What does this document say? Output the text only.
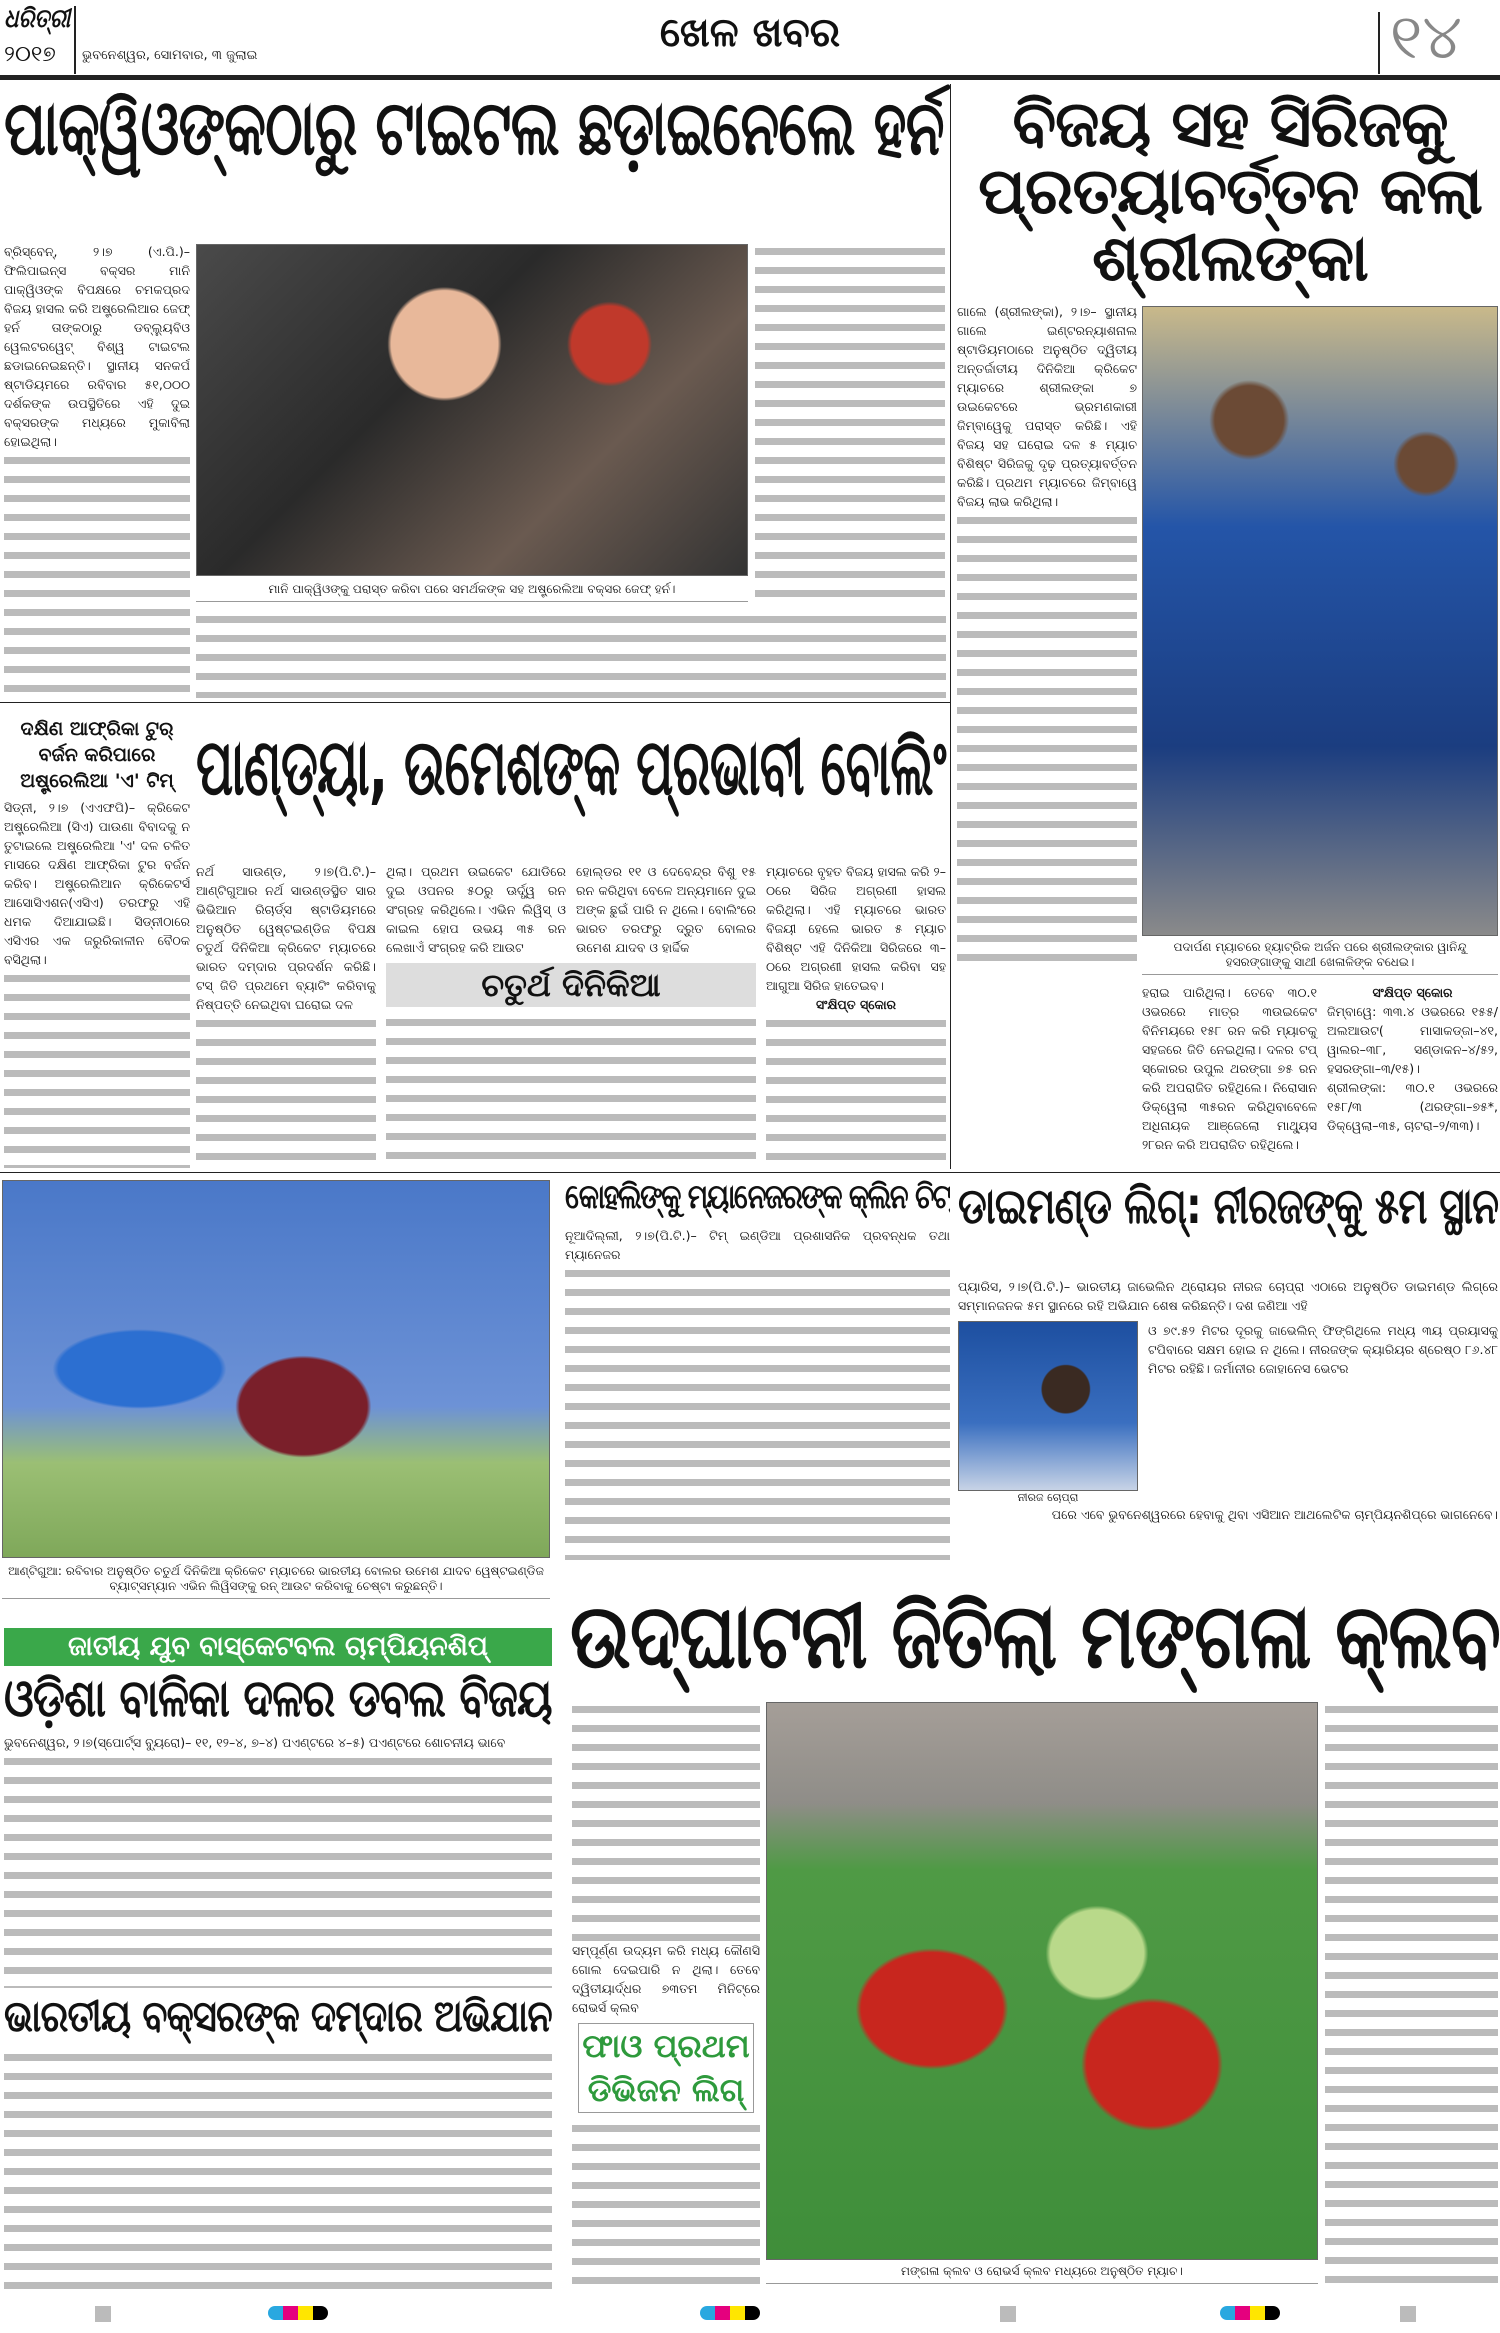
ଧରିତ୍ରୀ
୨୦୧୭	ଭୁବନେଶ୍ୱର, ସୋମବାର, ୩ ଜୁଲାଇ	ଖେଳ ଖବର	୧୪
ପାକ୍ୱିଓଙ୍କଠାରୁ ଟାଇଟଲ ଛଡ଼ାଇନେଲେ ହର୍ନ
ବ୍ରିସ୍‌ବେନ୍‌, ୨।୭ (ଏ.ପି.)– ଫିଲିପାଇନ୍ସ ବକ୍ସର ମାନି ପାକ୍ୱିଓଙ୍କ ବିପକ୍ଷରେ ଚମକପ୍ରଦ ବିଜୟ ହାସଲ କରି ଅଷ୍ଟ୍ରେଲିଆର ଜେଫ୍‌ ହର୍ନ ତାଙ୍କଠାରୁ ଡବ୍ଲ୍ୟୁବିଓ ୱେଲଟରୱେଟ୍‌ ବିଶ୍ୱ ଟାଇଟଲ ଛଡାଇନେଇଛନ୍ତି। ସ୍ଥାନୀୟ ସନକର୍ପ ଷ୍ଟାଡିୟମରେ ରବିବାର ୫୧,୦୦୦ ଦର୍ଶକଙ୍କ ଉପସ୍ଥିତିରେ ଏହି ଦୁଇ ବକ୍ସରଙ୍କ ମଧ୍ୟରେ ମୁକାବିଲା ହୋଇଥିଲା।
ମାନି ପାକ୍ୱିଓଙ୍କୁ ପରାସ୍ତ କରିବା ପରେ ସମର୍ଥକଙ୍କ ସହ ଅଷ୍ଟ୍ରେଲିଆ ବକ୍ସର ଜେଫ୍‌ ହର୍ନ।
ବିଜୟ ସହ ସିରିଜକୁ ପ୍ରତ୍ୟାବର୍ତ୍ତନ କଲା ଶ୍ରୀଲଙ୍କା
ଗାଲେ (ଶ୍ରୀଲଙ୍କା), ୨।୭– ସ୍ଥାନୀୟ ଗାଲେ ଇଣ୍ଟରନ୍ୟାଶନାଲ ଷ୍ଟାଡିୟମଠାରେ ଅନୁଷ୍ଠିତ ଦ୍ୱିତୀୟ ଅନ୍ତର୍ଜାତୀୟ ଦିନିକିଆ କ୍ରିକେଟ ମ୍ୟାଚରେ ଶ୍ରୀଲଙ୍କା ୭ ଉଇକେଟରେ ଭ୍ରମଣକାରୀ ଜିମ୍ବାୱେକୁ ପରାସ୍ତ କରିଛି। ଏହି ବିଜୟ ସହ ଘରୋଇ ଦଳ ୫ ମ୍ୟାଚ ବିଶିଷ୍ଟ ସିରିଜକୁ ଦୃଢ଼ ପ୍ରତ୍ୟାବର୍ତ୍ତନ କରିଛି। ପ୍ରଥମ ମ୍ୟାଚରେ ଜିମ୍ବାୱେ ବିଜୟ ଲାଭ କରିଥିଲା।
ପଦାର୍ପଣ ମ୍ୟାଚରେ ହ୍ୟାଟ୍ରିକ ଅର୍ଜନ ପରେ ଶ୍ରୀଲଙ୍କାର ୱାନିନ୍ଦୁ ହସରଙ୍ଗାଙ୍କୁ ସାଥୀ ଖେଳାଳିଙ୍କ ବଧେଇ।
ହରାଇ ପାରିଥିଲା। ତେବେ ୩୦.୧ ଓଭରରେ ମାତ୍ର ୩ଉଇକେଟ ବିନିମୟରେ ୧୫୮ ରନ କରି ମ୍ୟାଚକୁ ସହଜରେ ଜିତି ନେଇଥିଲା। ଦଳର ଟପ୍‌ ସ୍କୋରର ଉପୁଲ ଥରଙ୍ଗା ୭୫ ରନ କରି ଅପରାଜିତ ରହିଥିଲେ। ନିରୋସାନ ଡିକ୍‌ୱେଲା ୩୫ରନ କରିଥିବାବେଳେ ଅଧିନାୟକ ଆଞ୍ଜେଲୋ ମାଥ୍ୟୁସ ୨୮ରନ କରି ଅପରାଜିତ ରହିଥିଲେ।
ସଂକ୍ଷିପ୍ତ ସ୍କୋର
ଜିମ୍ବାୱେ: ୩୩.୪ ଓଭରରେ ୧୫୫/ ଅଲଆଉଟ( ମାସାକଡ୍‌ଜା–୪୧, ୱାଲର–୩୮, ସଣ୍ଡାକନ–୪/୫୨, ହସରଙ୍ଗା–୩/୧୫)।
ଶ୍ରୀଲଙ୍କା: ୩୦.୧ ଓଭରରେ ୧୫୮/୩ (ଥରଙ୍ଗା–୭୫*, ଡିକ୍‌ୱେଲା–୩୫, ଚାଟରା–୨/୩୩)।
ଦକ୍ଷିଣ ଆଫ୍ରିକା ଟୁର୍‌ ବର୍ଜନ କରିପାରେ ଅଷ୍ଟ୍ରେଲିଆ 'ଏ' ଟିମ୍‌
ସିଡ୍‌ନୀ, ୨।୭ (ଏଏଫପି)– କ୍ରିକେଟ ଅଷ୍ଟ୍ରେଲିଆ (ସିଏ) ପାଉଣା ବିବାଦକୁ ନ ତୁଟାଇଲେ ଅଷ୍ଟ୍ରେଲିଆ 'ଏ' ଦଳ ଚଳିତ ମାସରେ ଦକ୍ଷିଣ ଆଫ୍ରିକା ଟୁର ବର୍ଜନ କରିବ। ଅଷ୍ଟ୍ରେଲିଆନ କ୍ରିକେଟର୍ସ ଆସୋସିଏଶନ(ଏସିଏ) ତରଫରୁ ଏହି ଧମକ ଦିଆଯାଇଛି। ସିଡ୍‌ନୀଠାରେ ଏସିଏର ଏକ ଜରୁରିକାଳୀନ ବୈଠକ ବସିଥିଲା।
ପାଣ୍ଡ୍ୟା, ଉମେଶଙ୍କ ପ୍ରଭାବୀ ବୋଲିଂ
ନର୍ଥ ସାଉଣ୍ଡ, ୨।୭(ପି.ଟି.)– ଆଣ୍ଟିଗୁଆର ନର୍ଥ ସାଉଣ୍ଡସ୍ଥିତ ସାର ଭିଭିଆନ ରିଚାର୍ଡ୍ସ ଷ୍ଟାଡିୟମରେ ଅନୁଷ୍ଠିତ ୱେଷ୍ଟଇଣ୍ଡିଜ ବିପକ୍ଷ ଚତୁର୍ଥ ଦିନିକିଆ କ୍ରିକେଟ ମ୍ୟାଚରେ ଭାରତ ଦମ୍ଦାର ପ୍ରଦର୍ଶନ କରିଛି। ଟସ୍‌ ଜିତି ପ୍ରଥମେ ବ୍ୟାଟିଂ କରିବାକୁ ନିଷ୍ପତ୍ତି ନେଇଥିବା ଘରୋଇ ଦଳ
ଥିଲା। ପ୍ରଥମ ଉଇକେଟ ଯୋଡିରେ ଦୁଇ ଓପନର ୫୦ରୁ ଊର୍ଦ୍ଧ୍ୱ ରନ ସଂଗ୍ରହ କରିଥିଲେ। ଏଭିନ ଲିୱିସ୍‌ ଓ କାଇଲ ହୋପ ଉଭୟ ୩୫ ରନ ଲେଖାଏଁ ସଂଗ୍ରହ କରି ଆଉଟ
ହୋଲ୍ଡର ୧୧ ଓ ଦେବେନ୍ଦ୍ର ବିଶୁ ୧୫ ରନ କରିଥିବା ବେଳେ ଅନ୍ୟମାନେ ଦୁଇ ଅଙ୍କ ଛୁଇଁ ପାରି ନ ଥିଲେ। ବୋଲିଂରେ ଭାରତ ତରଫରୁ ଦ୍ରୁତ ବୋଲର ଉମେଶ ଯାଦବ ଓ ହାର୍ଦ୍ଦିକ
ଚତୁର୍ଥ ଦିନିକିଆ
ମ୍ୟାଚରେ ବୃହତ ବିଜୟ ହାସଲ କରି ୨–୦ରେ ସିରିଜ ଅଗ୍ରଣୀ ହାସଲ କରିଥିଲା। ଏହି ମ୍ୟାଚରେ ଭାରତ ବିଜୟୀ ହେଲେ ଭାରତ ୫ ମ୍ୟାଚ ବିଶିଷ୍ଟ ଏହି ଦିନିକିଆ ସିରିଜରେ ୩–୦ରେ ଅଗ୍ରଣୀ ହାସଲ କରିବା ସହ ଆଗୁଆ ସିରିଜ ହାତେଇବ।
ସଂକ୍ଷିପ୍ତ ସ୍କୋର
ଆଣ୍ଟିଗୁଆ: ରବିବାର ଅନୁଷ୍ଠିତ ଚତୁର୍ଥ ଦିନିକିଆ କ୍ରିକେଟ ମ୍ୟାଚରେ ଭାରତୀୟ ବୋଲର ଉମେଶ ଯାଦବ ୱେଷ୍ଟଇଣ୍ଡିଜ ବ୍ୟାଟ୍ସମ୍ୟାନ ଏଭିନ ଲିୱିସଙ୍କୁ ରନ୍‌ ଆଉଟ କରିବାକୁ ଚେଷ୍ଟା କରୁଛନ୍ତି।
କୋହଲିଙ୍କୁ ମ୍ୟାନେଜରଙ୍କ କ୍ଲିନ ଚିଟ୍‌
ନୂଆଦିଲ୍ଲୀ, ୨।୭(ପି.ଟି.)– ଟିମ୍‌ ଇଣ୍ଡିଆ ପ୍ରଶାସନିକ ପ୍ରବନ୍ଧକ ତଥା ମ୍ୟାନେଜର
ଡାଇମଣ୍ଡ ଲିଗ୍‌: ନୀରଜଙ୍କୁ ୫ମ ସ୍ଥାନ
ପ୍ୟାରିସ, ୨।୭(ପି.ଟି.)– ଭାରତୀୟ ଜାଭେଲିନ ଥ୍ରୋୟର ନୀରଜ ଚୋପ୍ରା ଏଠାରେ ଅନୁଷ୍ଠିତ ଡାଇମଣ୍ଡ ଲିଗ୍‌ରେ ସମ୍ମାନଜନକ ୫ମ ସ୍ଥାନରେ ରହି ଅଭିଯାନ ଶେଷ କରିଛନ୍ତି। ଦଶ ଜଣିଆ ଏହି
ନୀରଜ ଚୋପ୍ରା
ଓ ୭୯.୫୨ ମିଟର ଦୂରକୁ ଜାଭେଲିନ୍‌ ଫିଙ୍ଗିଥିଲେ ମଧ୍ୟ ୩ୟ ପ୍ରୟାସକୁ ଟପିବାରେ ସକ୍ଷମ ହୋଇ ନ ଥିଲେ। ନୀରଜଙ୍କ କ୍ୟାରିୟର ଶ୍ରେଷ୍ଠ ୮୬.୪୮ ମିଟର ରହିଛି। ଜର୍ମାନୀର ଜୋହାନେସ ଭେଟର
ପରେ ଏବେ ଭୁବନେଶ୍ୱରରେ ହେବାକୁ ଥିବା ଏସିଆନ ଆଥଲେଟିକ ଚାମ୍ପିୟନଶିପ୍‌ରେ ଭାଗନେବେ।
ଜାତୀୟ ଯୁବ ବାସ୍କେଟବଲ ଚାମ୍ପିୟନଶିପ୍‌
ଓଡ଼ିଶା ବାଳିକା ଦଳର ଡବଲ ବିଜୟ
ଭୁବନେଶ୍ୱର, ୨।୭(ସ୍ପୋର୍ଟ୍ସ ବ୍ୟୁରୋ)– ୧୧, ୧୨–୪, ୭–୪) ପଏଣ୍ଟରେ ୪–୫) ପଏଣ୍ଟରେ ଶୋଚନୀୟ ଭାବେ
ଭାରତୀୟ ବକ୍ସରଙ୍କ ଦମ୍‌ଦାର ଅଭିଯାନ
ଉଦ୍‌ଘାଟନୀ ଜିତିଲା ମଙ୍ଗଳା କ୍ଲବ
ସମ୍ପୂର୍ଣ୍ଣ ଉଦ୍ୟମ କରି ମଧ୍ୟ କୌଣସି ଗୋଲ ଦେଇପାରି ନ ଥିଲା। ତେବେ ଦ୍ୱିତୀୟାର୍ଦ୍ଧର ୭୩ତମ ମିନିଟ୍‌ରେ ରୋଭର୍ସ କ୍ଲବ
ଫାଓ ପ୍ରଥମ
ଡିଭିଜନ ଲିଗ୍‌
ମଙ୍ଗଳା କ୍ଲବ ଓ ରୋଭର୍ସ କ୍ଲବ ମଧ୍ୟରେ ଅନୁଷ୍ଠିତ ମ୍ୟାଚ।
